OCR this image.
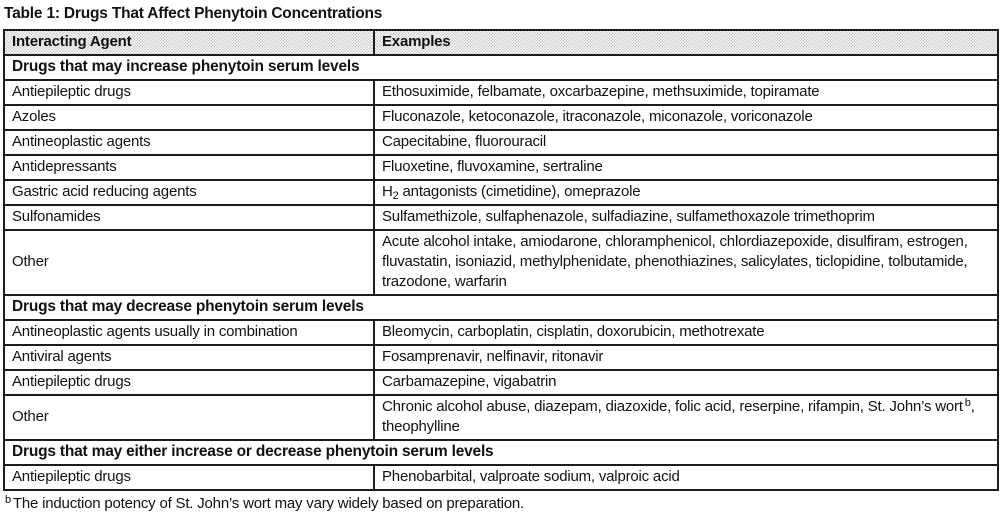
Table 1: Drugs That Affect Phenytoin Concentrations
Interacting Agent	Examples
Drugs that may increase phenytoin serum levels	
Antiepileptic drugs	Ethosuximide, felbamate, oxcarbazepine, methsuximide, topiramate
Azoles	Fluconazole, ketoconazole, itraconazole, miconazole, voriconazole
Antineoplastic agents	Capecitabine, fluorouracil
Antidepressants	Fluoxetine, fluvoxamine, sertraline
Gastric acid reducing agents	$H_2$ antagonists (cimetidine), omeprazole
Sulfonamides	Sulfamethizole, sulfaphenazole, sulfadiazine, sulfamethoxazole trimethoprim
Other	Acute alcohol intake, amiodarone, chloramphenicol, chlordiazepoxide, disulfiram, estrogen, fluvastatin, isoniazid, methylphenidate, phenothiazines, salicylates, ticlopidine, tolbutamide, trazodone, warfarin
Drugs that may decrease phenytoin serum levels	
Antineoplastic agents usually in combination	Bleomycin, carboplatin, cisplatin, doxorubicin, methotrexate
Antiviral agents	Fosamprenavir, nelfinavir, ritonavir
Antiepileptic drugs	Carbamazepine, vigabatrin
Other	Chronic alcohol abuse, diazepam, diazoxide, folic acid, reserpine, rifampin, St. John’s wort $^b$, theophylline
Drugs that may either increase or decrease phenytoin serum levels	
Antiepileptic drugs	Phenobarbital, valproate sodium, valproic acid
$^b$ The induction potency of St. John’s wort may vary widely based on preparation.
